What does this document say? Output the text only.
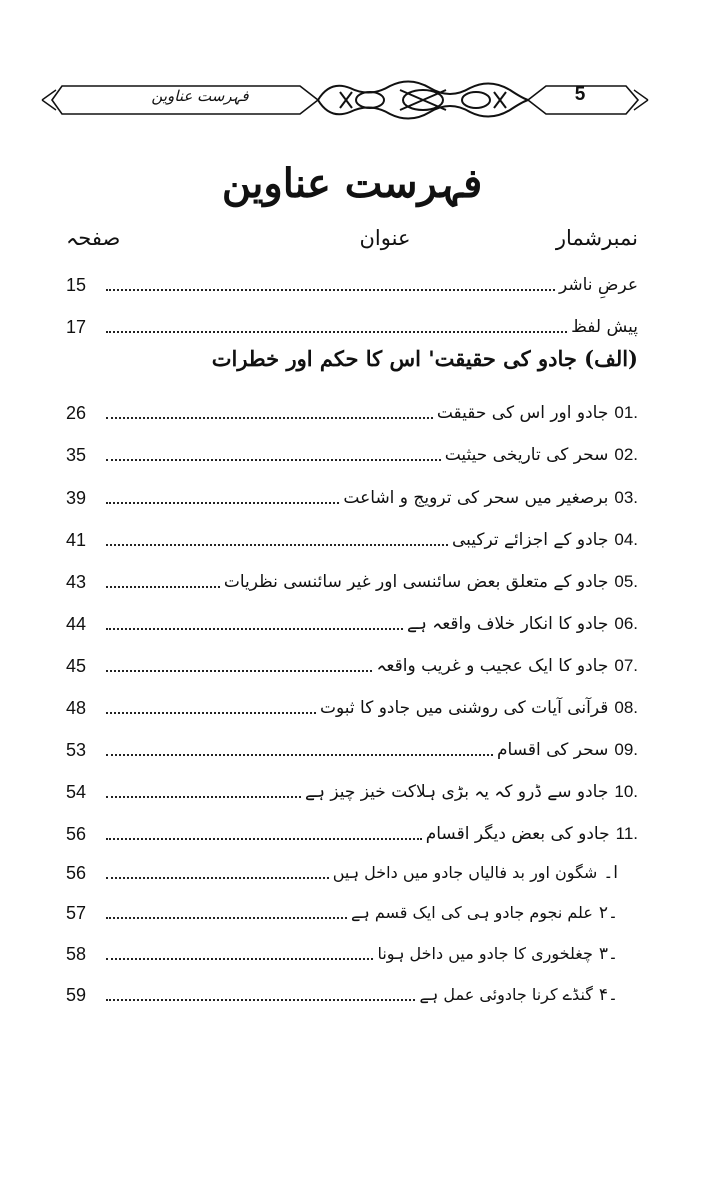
فہرست عناوین	5
فہرست عناوین
نمبرشمار
عنوان
صفحہ
عرضِ ناشر
15
پیش لفظ
17
(الف) جادو کی حقیقت' اس کا حکم اور خطرات
01.
جادو اور اس کی حقیقت
26
02.
سحر کی تاریخی حیثیت
35
03.
برصغیر میں سحر کی ترویج و اشاعت
39
04.
جادو کے اجزائے ترکیبی
41
05.
جادو کے متعلق بعض سائنسی اور غیر سائنسی نظریات
43
06.
جادو کا انکار خلاف واقعہ ہے
44
07.
جادو کا ایک عجیب و غریب واقعہ
45
08.
قرآنی آیات کی روشنی میں جادو کا ثبوت
48
09.
سحر کی اقسام
53
10.
جادو سے ڈرو کہ یہ بڑی ہلاکت خیز چیز ہے
54
11.
جادو کی بعض دیگر اقسام
56
ا۔
شگون اور بد فالیاں جادو میں داخل ہیں
56
۲۔
علم نجوم جادو ہی کی ایک قسم ہے
57
۳۔
چغلخوری کا جادو میں داخل ہونا
58
۴۔
گنڈے کرنا جادوئی عمل ہے
59
